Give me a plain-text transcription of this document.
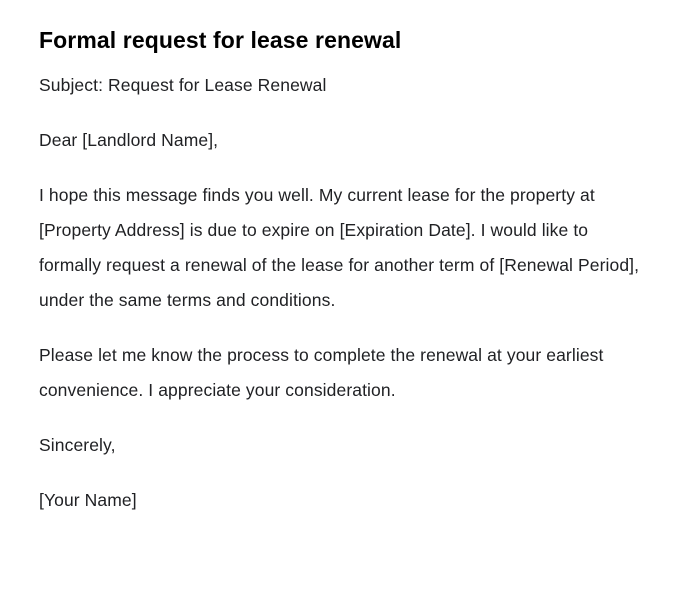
Formal request for lease renewal

Subject: Request for Lease Renewal

Dear [Landlord Name],

I hope this message finds you well. My current lease for the property at [Property Address] is due to expire on [Expiration Date]. I would like to formally request a renewal of the lease for another term of [Renewal Period], under the same terms and conditions.

Please let me know the process to complete the renewal at your earliest convenience. I appreciate your consideration.

Sincerely,

[Your Name]
